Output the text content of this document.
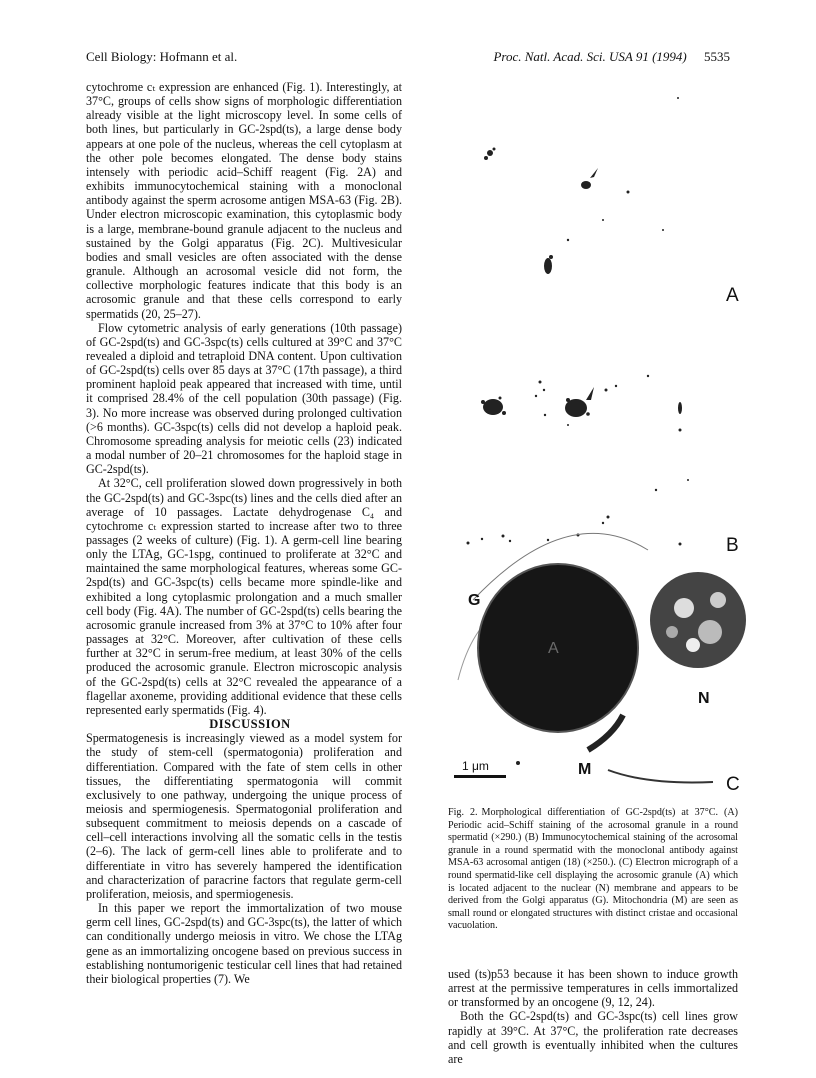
Cell Biology: Hofmann et al.	Proc. Natl. Acad. Sci. USA 91 (1994) 5535

cytochrome cₜ expression are enhanced (Fig. 1). Interestingly, at 37°C, groups of cells show signs of morphologic differentiation already visible at the light microscopy level. In some cells of both lines, but particularly in GC-2spd(ts), a large dense body appears at one pole of the nucleus, whereas the cell cytoplasm at the other pole becomes elongated. The dense body stains intensely with periodic acid–Schiff reagent (Fig. 2A) and exhibits immunocytochemical staining with a monoclonal antibody against the sperm acrosome antigen MSA-63 (Fig. 2B). Under electron microscopic examination, this cytoplasmic body is a large, membrane-bound granule adjacent to the nucleus and sustained by the Golgi apparatus (Fig. 2C). Multivesicular bodies and small vesicles are often associated with the dense granule. Although an acrosomal vesicle did not form, the collective morphologic features indicate that this body is an acrosomic granule and that these cells correspond to early spermatids (20, 25–27).

Flow cytometric analysis of early generations (10th passage) of GC-2spd(ts) and GC-3spc(ts) cells cultured at 39°C and 37°C revealed a diploid and tetraploid DNA content. Upon cultivation of GC-2spd(ts) cells over 85 days at 37°C (17th passage), a third prominent haploid peak appeared that increased with time, until it comprised 28.4% of the cell population (30th passage) (Fig. 3). No more increase was observed during prolonged cultivation (>6 months). GC-3spc(ts) cells did not develop a haploid peak. Chromosome spreading analysis for meiotic cells (23) indicated a modal number of 20–21 chromosomes for the haploid stage in GC-2spd(ts).

At 32°C, cell proliferation slowed down progressively in both the GC-2spd(ts) and GC-3spc(ts) lines and the cells died after an average of 10 passages. Lactate dehydrogenase C₄ and cytochrome cₜ expression started to increase after two to three passages (2 weeks of culture) (Fig. 1). A germ-cell line bearing only the LTAg, GC-1spg, continued to proliferate at 32°C and maintained the same morphological features, whereas some GC-2spd(ts) and GC-3spc(ts) cells became more spindle-like and exhibited a long cytoplasmic prolongation and a much smaller cell body (Fig. 4A). The number of GC-2spd(ts) cells bearing the acrosomic granule increased from 3% at 37°C to 10% after four passages at 32°C. Moreover, after cultivation of these cells further at 32°C in serum-free medium, at least 30% of the cells produced the acrosomic granule. Electron microscopic analysis of the GC-2spd(ts) cells at 32°C revealed the appearance of a flagellar axoneme, providing additional evidence that these cells represented early spermatids (Fig. 4).

DISCUSSION

Spermatogenesis is increasingly viewed as a model system for the study of stem-cell (spermatogonia) proliferation and differentiation. Compared with the fate of stem cells in other tissues, the differentiating spermatogonia will commit exclusively to one pathway, undergoing the unique process of meiosis and spermiogenesis. Spermatogonial proliferation and subsequent commitment to meiosis depends on a cascade of cell–cell interactions involving all the somatic cells in the testis (2–6). The lack of germ-cell lines able to proliferate and to differentiate in vitro has severely hampered the identification and characterization of paracrine factors that regulate germ-cell proliferation, meiosis, and spermiogenesis.

In this paper we report the immortalization of two mouse germ cell lines, GC-2spd(ts) and GC-3spc(ts), the latter of which can conditionally undergo meiosis in vitro. We chose the LTAg gene as an immortalizing oncogene based on previous success in establishing nontumorigenic testicular cell lines that had retained their biological properties (7). We

A
B
C
G
N
M
A
1 μm
Fig. 2. Morphological differentiation of GC-2spd(ts) at 37°C. (A) Periodic acid–Schiff staining of the acrosomal granule in a round spermatid (×290.) (B) Immunocytochemical staining of the acrosomal granule in a round spermatid with the monoclonal antibody against MSA-63 acrosomal antigen (18) (×250.). (C) Electron micrograph of a round spermatid-like cell displaying the acrosomic granule (A) which is located adjacent to the nuclear (N) membrane and appears to be derived from the Golgi apparatus (G). Mitochondria (M) are seen as small round or elongated structures with distinct cristae and occasional vacuolation.

used (ts)p53 because it has been shown to induce growth arrest at the permissive temperatures in cells immortalized or transformed by an oncogene (9, 12, 24).

Both the GC-2spd(ts) and GC-3spc(ts) cell lines grow rapidly at 39°C. At 37°C, the proliferation rate decreases and cell growth is eventually inhibited when the cultures are
